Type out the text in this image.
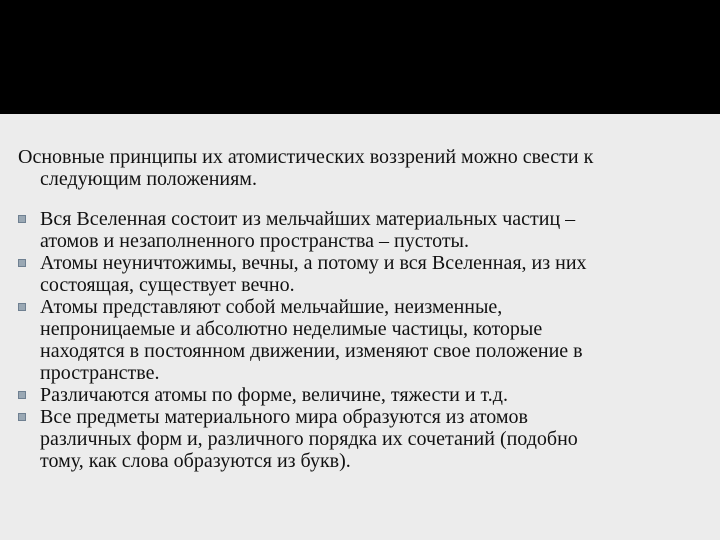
Основные принципы их атомистических воззрений можно свести к
следующим положениям.
Вся Вселенная состоит из мельчайших материальных частиц –
атомов и незаполненного пространства – пустоты.
Атомы неуничтожимы, вечны, а потому и вся Вселенная, из них
состоящая, существует вечно.
Атомы представляют собой мельчайшие, неизменные,
непроницаемые и абсолютно неделимые частицы, которые
находятся в постоянном движении, изменяют свое положение в
пространстве.
Различаются атомы по форме, величине, тяжести и т.д.
Все предметы материального мира образуются из атомов
различных форм и, различного порядка их сочетаний (подобно
тому, как слова образуются из букв).
